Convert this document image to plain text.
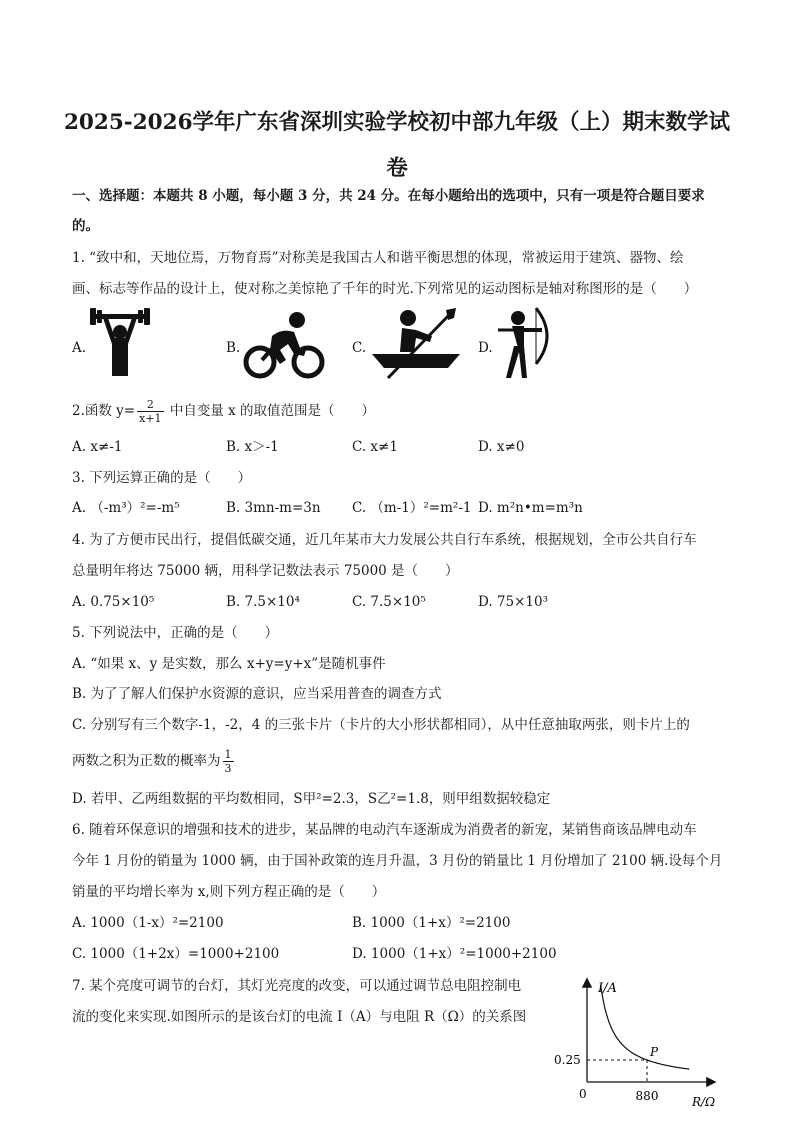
2025-2026学年广东省深圳实验学校初中部九年级（上）期末数学试
卷
一、选择题：本题共 8 小题，每小题 3 分，共 24 分。在每小题给出的选项中，只有一项是符合题目要求
的。
1. “致中和，天地位焉，万物育焉”对称美是我国古人和谐平衡思想的体现，常被运用于建筑、器物、绘
画、标志等作品的设计上，使对称之美惊艳了千年的时光.下列常见的运动图标是轴对称图形的是（　　）
A.	B.	C.	D.
2.函数 $y= \frac{2}{x+1}$ 中自变量 x 的取值范围是（　　）
A. x≠-1	B. x＞-1	C. x≠1	D. x≠0
3. 下列运算正确的是（　　）
A. （-m³）²=-m⁵	B. 3mn-m=3n C. （m-1）²=m²-1 D. m²n•m=m³n
4. 为了方便市民出行，提倡低碳交通，近几年某市大力发展公共自行车系统，根据规划，全市公共自行车
总量明年将达 75000 辆，用科学记数法表示 75000 是（　　）
A. 0.75×10⁵	B. 7.5×10⁴	C. 7.5×10⁵	D. 75×10³
5. 下列说法中，正确的是（　　）
A. “如果 x、y 是实数，那么 x+y=y+x”是随机事件
B. 为了了解人们保护水资源的意识，应当采用普查的调查方式
C. 分别写有三个数字-1，-2，4 的三张卡片（卡片的大小形状都相同），从中任意抽取两张，则卡片上的
两数之积为正数的概率为 $\frac{1}{3}$
D. 若甲、乙两组数据的平均数相同，S甲²=2.3，S乙²=1.8，则甲组数据较稳定
6. 随着环保意识的增强和技术的进步，某品牌的电动汽车逐渐成为消费者的新宠，某销售商该品牌电动车
今年 1 月份的销量为 1000 辆，由于国补政策的连月升温，3 月份的销量比 1 月份增加了 2100 辆.设每个月
销量的平均增长率为 x,则下列方程正确的是（　　）
A. 1000（1-x）²=2100	B. 1000（1+x）²=2100
C. 1000（1+2x）=1000+2100	D. 1000（1+x）²=1000+2100
7. 某个亮度可调节的台灯，其灯光亮度的改变，可以通过调节总电阻控制电
流的变化来实现.如图所示的是该台灯的电流 I（A）与电阻 R（Ω）的关系图
I/A
R/Ω
0
0.25
880
P
